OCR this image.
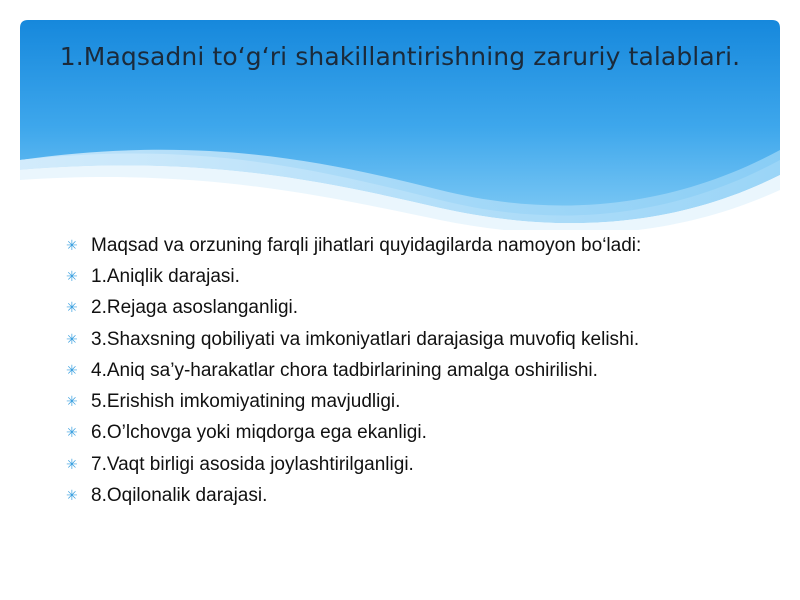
1.Maqsadni to‘g‘ri shakillantirishning zaruriy talablari.
✳ Maqsad va orzuning farqli jihatlari quyidagilarda namoyon bo‘ladi:
✳ 1.Aniqlik darajasi.
✳ 2.Rejaga asoslanganligi.
✳ 3.Shaxsning qobiliyati va imkoniyatlari darajasiga muvofiq kelishi.
✳ 4.Aniq sa’y-harakatlar chora tadbirlarining amalga oshirilishi.
✳ 5.Erishish imkomiyatining mavjudligi.
✳ 6.O’lchovga yoki miqdorga ega ekanligi.
✳ 7.Vaqt birligi asosida joylashtirilganligi.
✳ 8.Oqilonalik darajasi.
